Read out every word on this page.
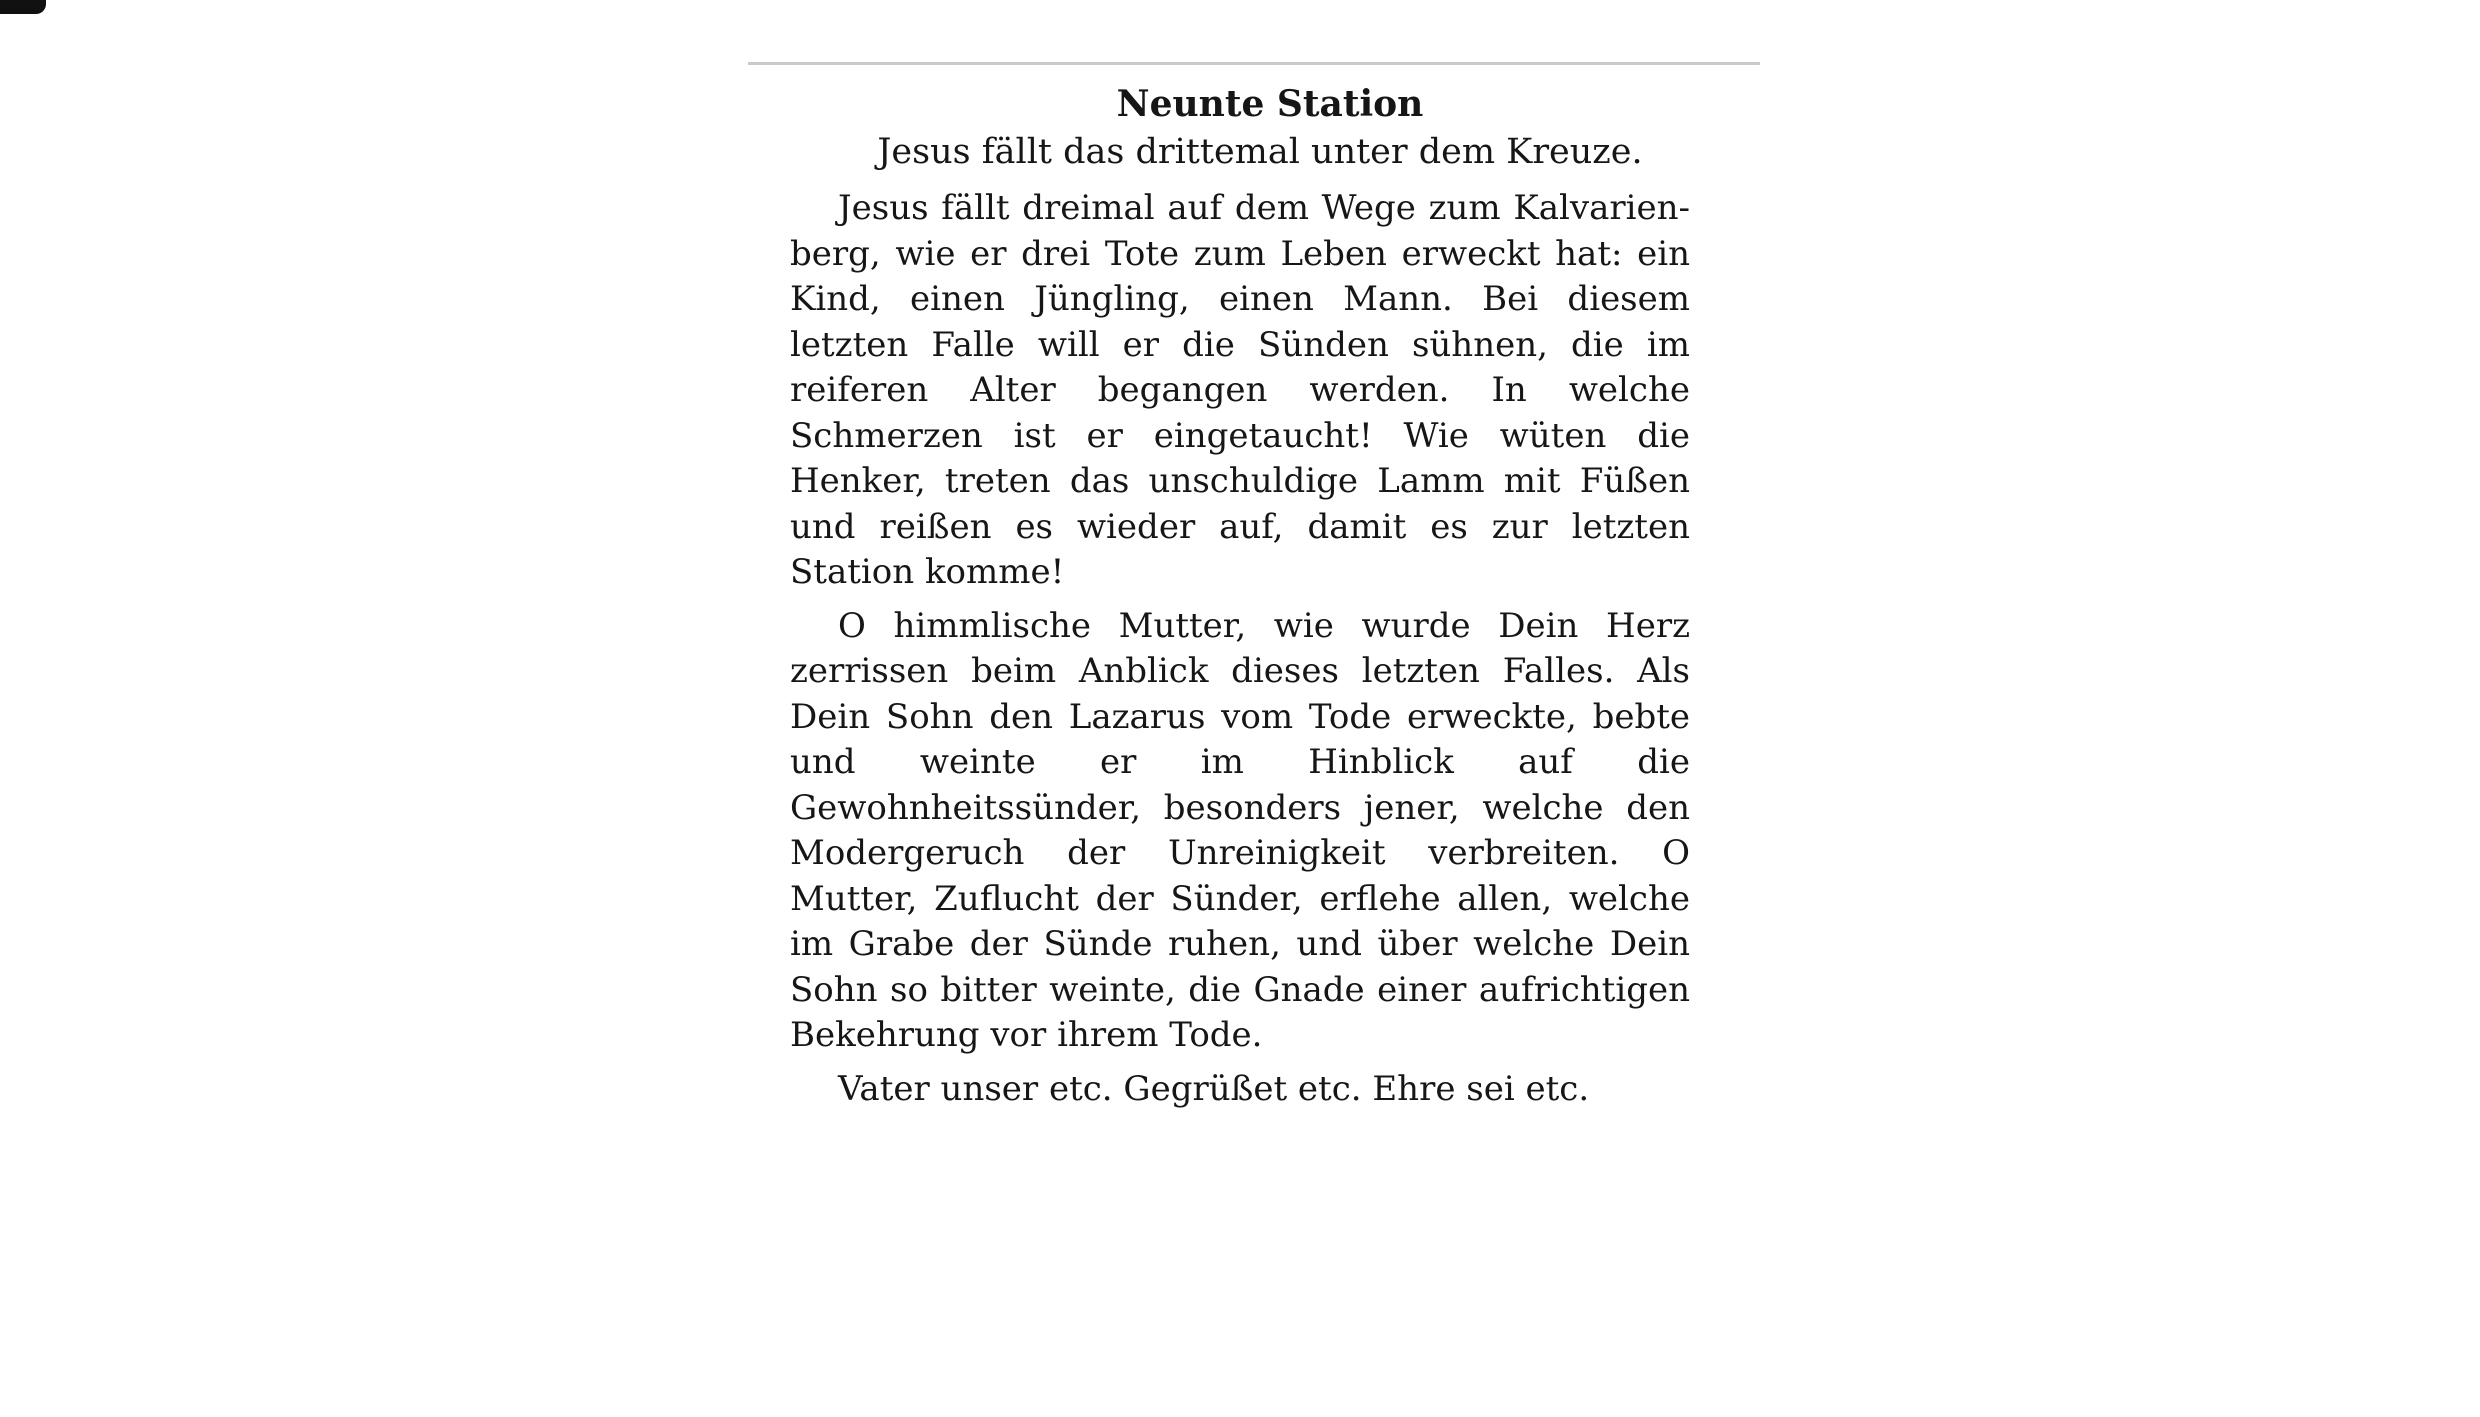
Neunte Station

Jesus fällt das drittemal unter dem Kreuze.

Jesus fällt dreimal auf dem Wege zum Kalvarienberg, wie er drei Tote zum Leben erweckt hat: ein Kind, einen Jüngling, einen Mann. Bei diesem letzten Falle will er die Sünden sühnen, die im reiferen Alter begangen werden. In welche Schmerzen ist er eingetaucht! Wie wüten die Henker, treten das unschuldige Lamm mit Füßen und reißen es wieder auf, damit es zur letzten Station komme!

O himmlische Mutter, wie wurde Dein Herz zerrissen beim Anblick dieses letzten Falles. Als Dein Sohn den Lazarus vom Tode erweckte, bebte und weinte er im Hinblick auf die Gewohnheitssünder, besonders jener, welche den Modergeruch der Unreinigkeit verbreiten. O Mutter, Zuflucht der Sünder, erflehe allen, welche im Grabe der Sünde ruhen, und über welche Dein Sohn so bitter weinte, die Gnade einer aufrichtigen Bekehrung vor ihrem Tode.

Vater unser etc. Gegrüßet etc. Ehre sei etc.
